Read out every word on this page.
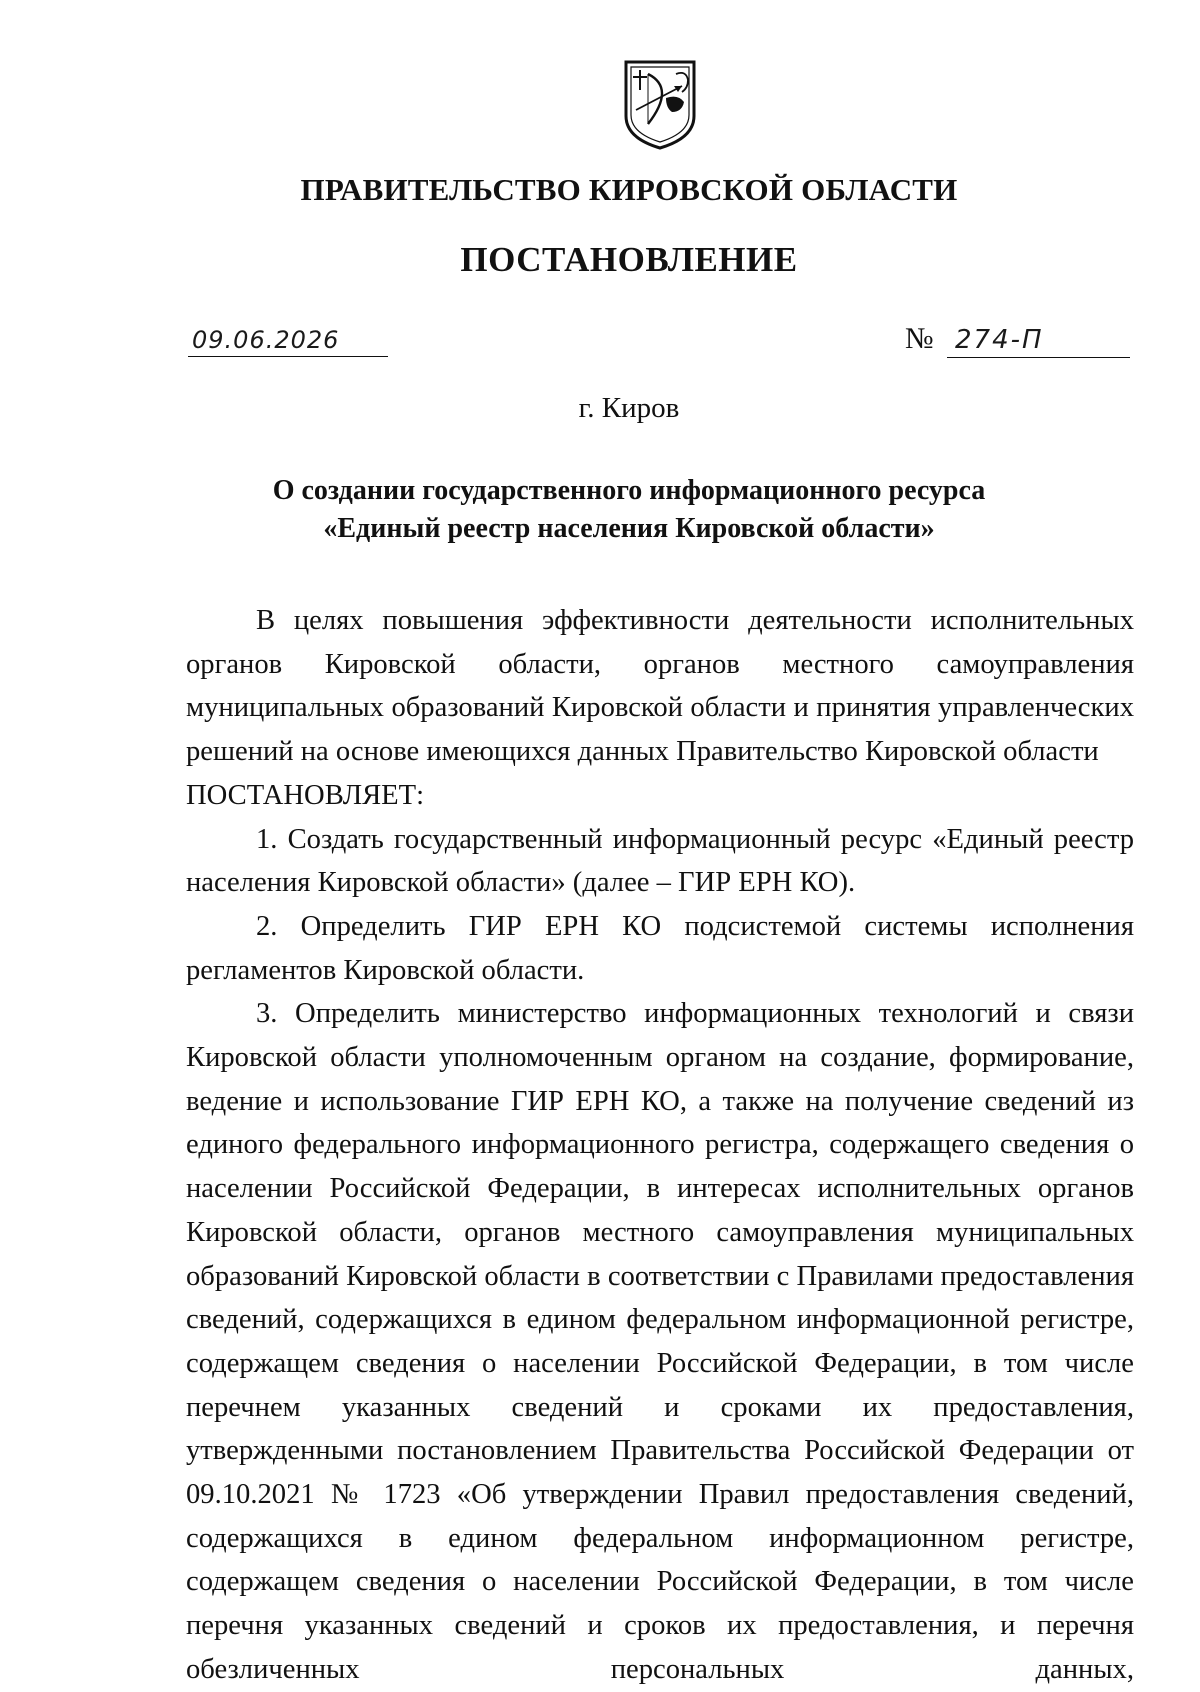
ПРАВИТЕЛЬСТВО КИРОВСКОЙ ОБЛАСТИ
ПОСТАНОВЛЕНИЕ
09.06.2026	№ 274-П
г. Киров
О создании государственного информационного ресурса
«Единый реестр населения Кировской области»

В целях повышения эффективности деятельности исполнительных органов Кировской области, органов местного самоуправления муниципальных образований Кировской области и принятия управленческих решений на основе имеющихся данных Правительство Кировской области

ПОСТАНОВЛЯЕТ:

1. Создать государственный информационный ресурс «Единый реестр населения Кировской области» (далее – ГИР ЕРН КО).

2. Определить ГИР ЕРН КО подсистемой системы исполнения регламентов Кировской области.

3. Определить министерство информационных технологий и связи Кировской области уполномоченным органом на создание, формирование, ведение и использование ГИР ЕРН КО, а также на получение сведений из единого федерального информационного регистра, содержащего сведения о населении Российской Федерации, в интересах исполнительных органов Кировской области, органов местного самоуправления муниципальных образований Кировской области в соответствии с Правилами предоставления сведений, содержащихся в едином федеральном информационной регистре, содержащем сведения о населении Российской Федерации, в том числе перечнем указанных сведений и сроками их предоставления, утвержденными постановлением Правительства Российской Федерации от 09.10.2021 № 1723 «Об утверждении Правил предоставления сведений, содержащихся в едином федеральном информационном регистре, содержащем сведения о населении Российской Федерации, в том числе перечня указанных сведений и сроков их предоставления, и перечня обезличенных персональных данных,
